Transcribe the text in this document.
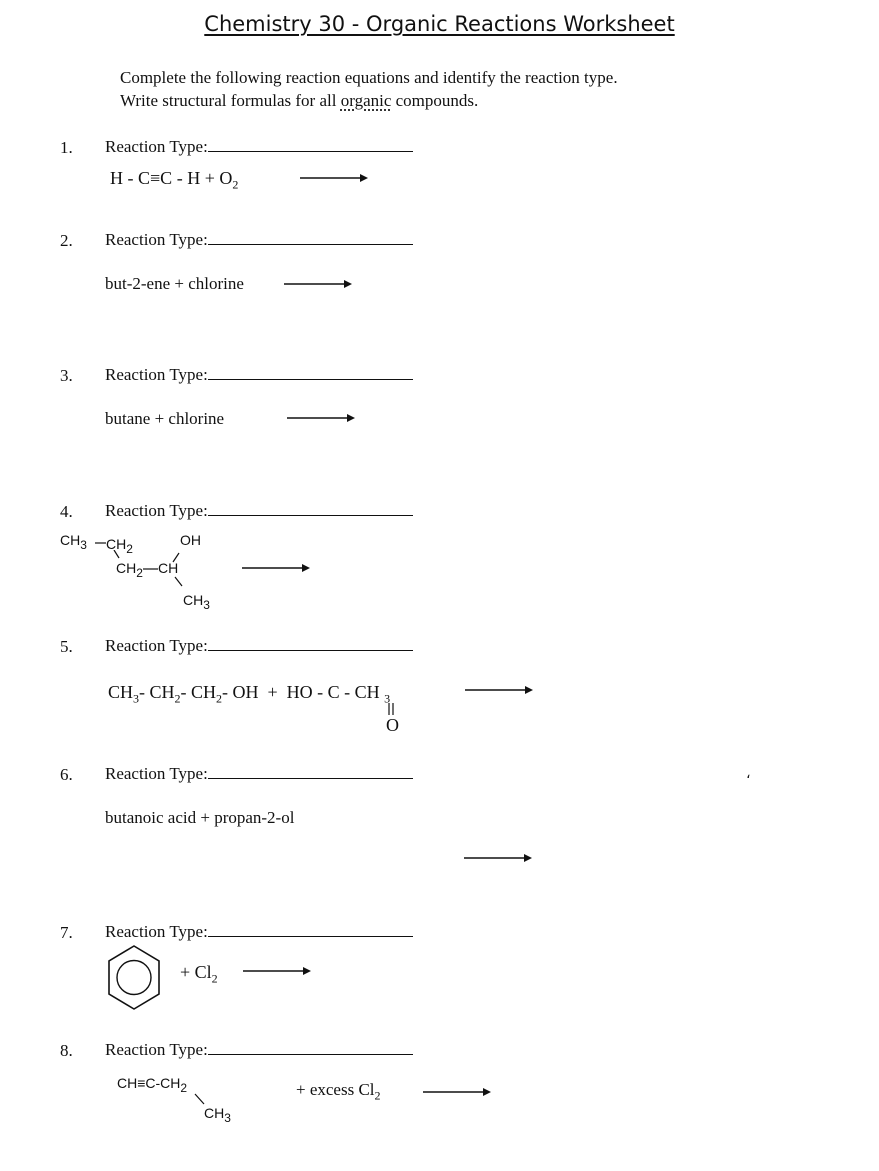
Chemistry 30 - Organic Reactions Worksheet
Complete the following reaction equations and identify the reaction type.
Write structural formulas for all organic compounds.
1. Reaction Type:
$H - C\equiv C - H + O_2$
2. Reaction Type:
but-2-ene + chlorine
3. Reaction Type:
butane + chlorine
4. Reaction Type:
$CH_3$ $CH_2$
OH
$CH_2$ CH
$CH_3$
5. Reaction Type:
$CH_3-$ $CH_2-$ $CH_2-$ OH  +  HO - C - CH $_3$
O
6. Reaction Type:	،
butanoic acid + propan-2-ol
7. Reaction Type:
+ $Cl_2$
8. Reaction Type:
$CH\equiv C-CH_2$
$CH_3$
+ excess $Cl_2$
